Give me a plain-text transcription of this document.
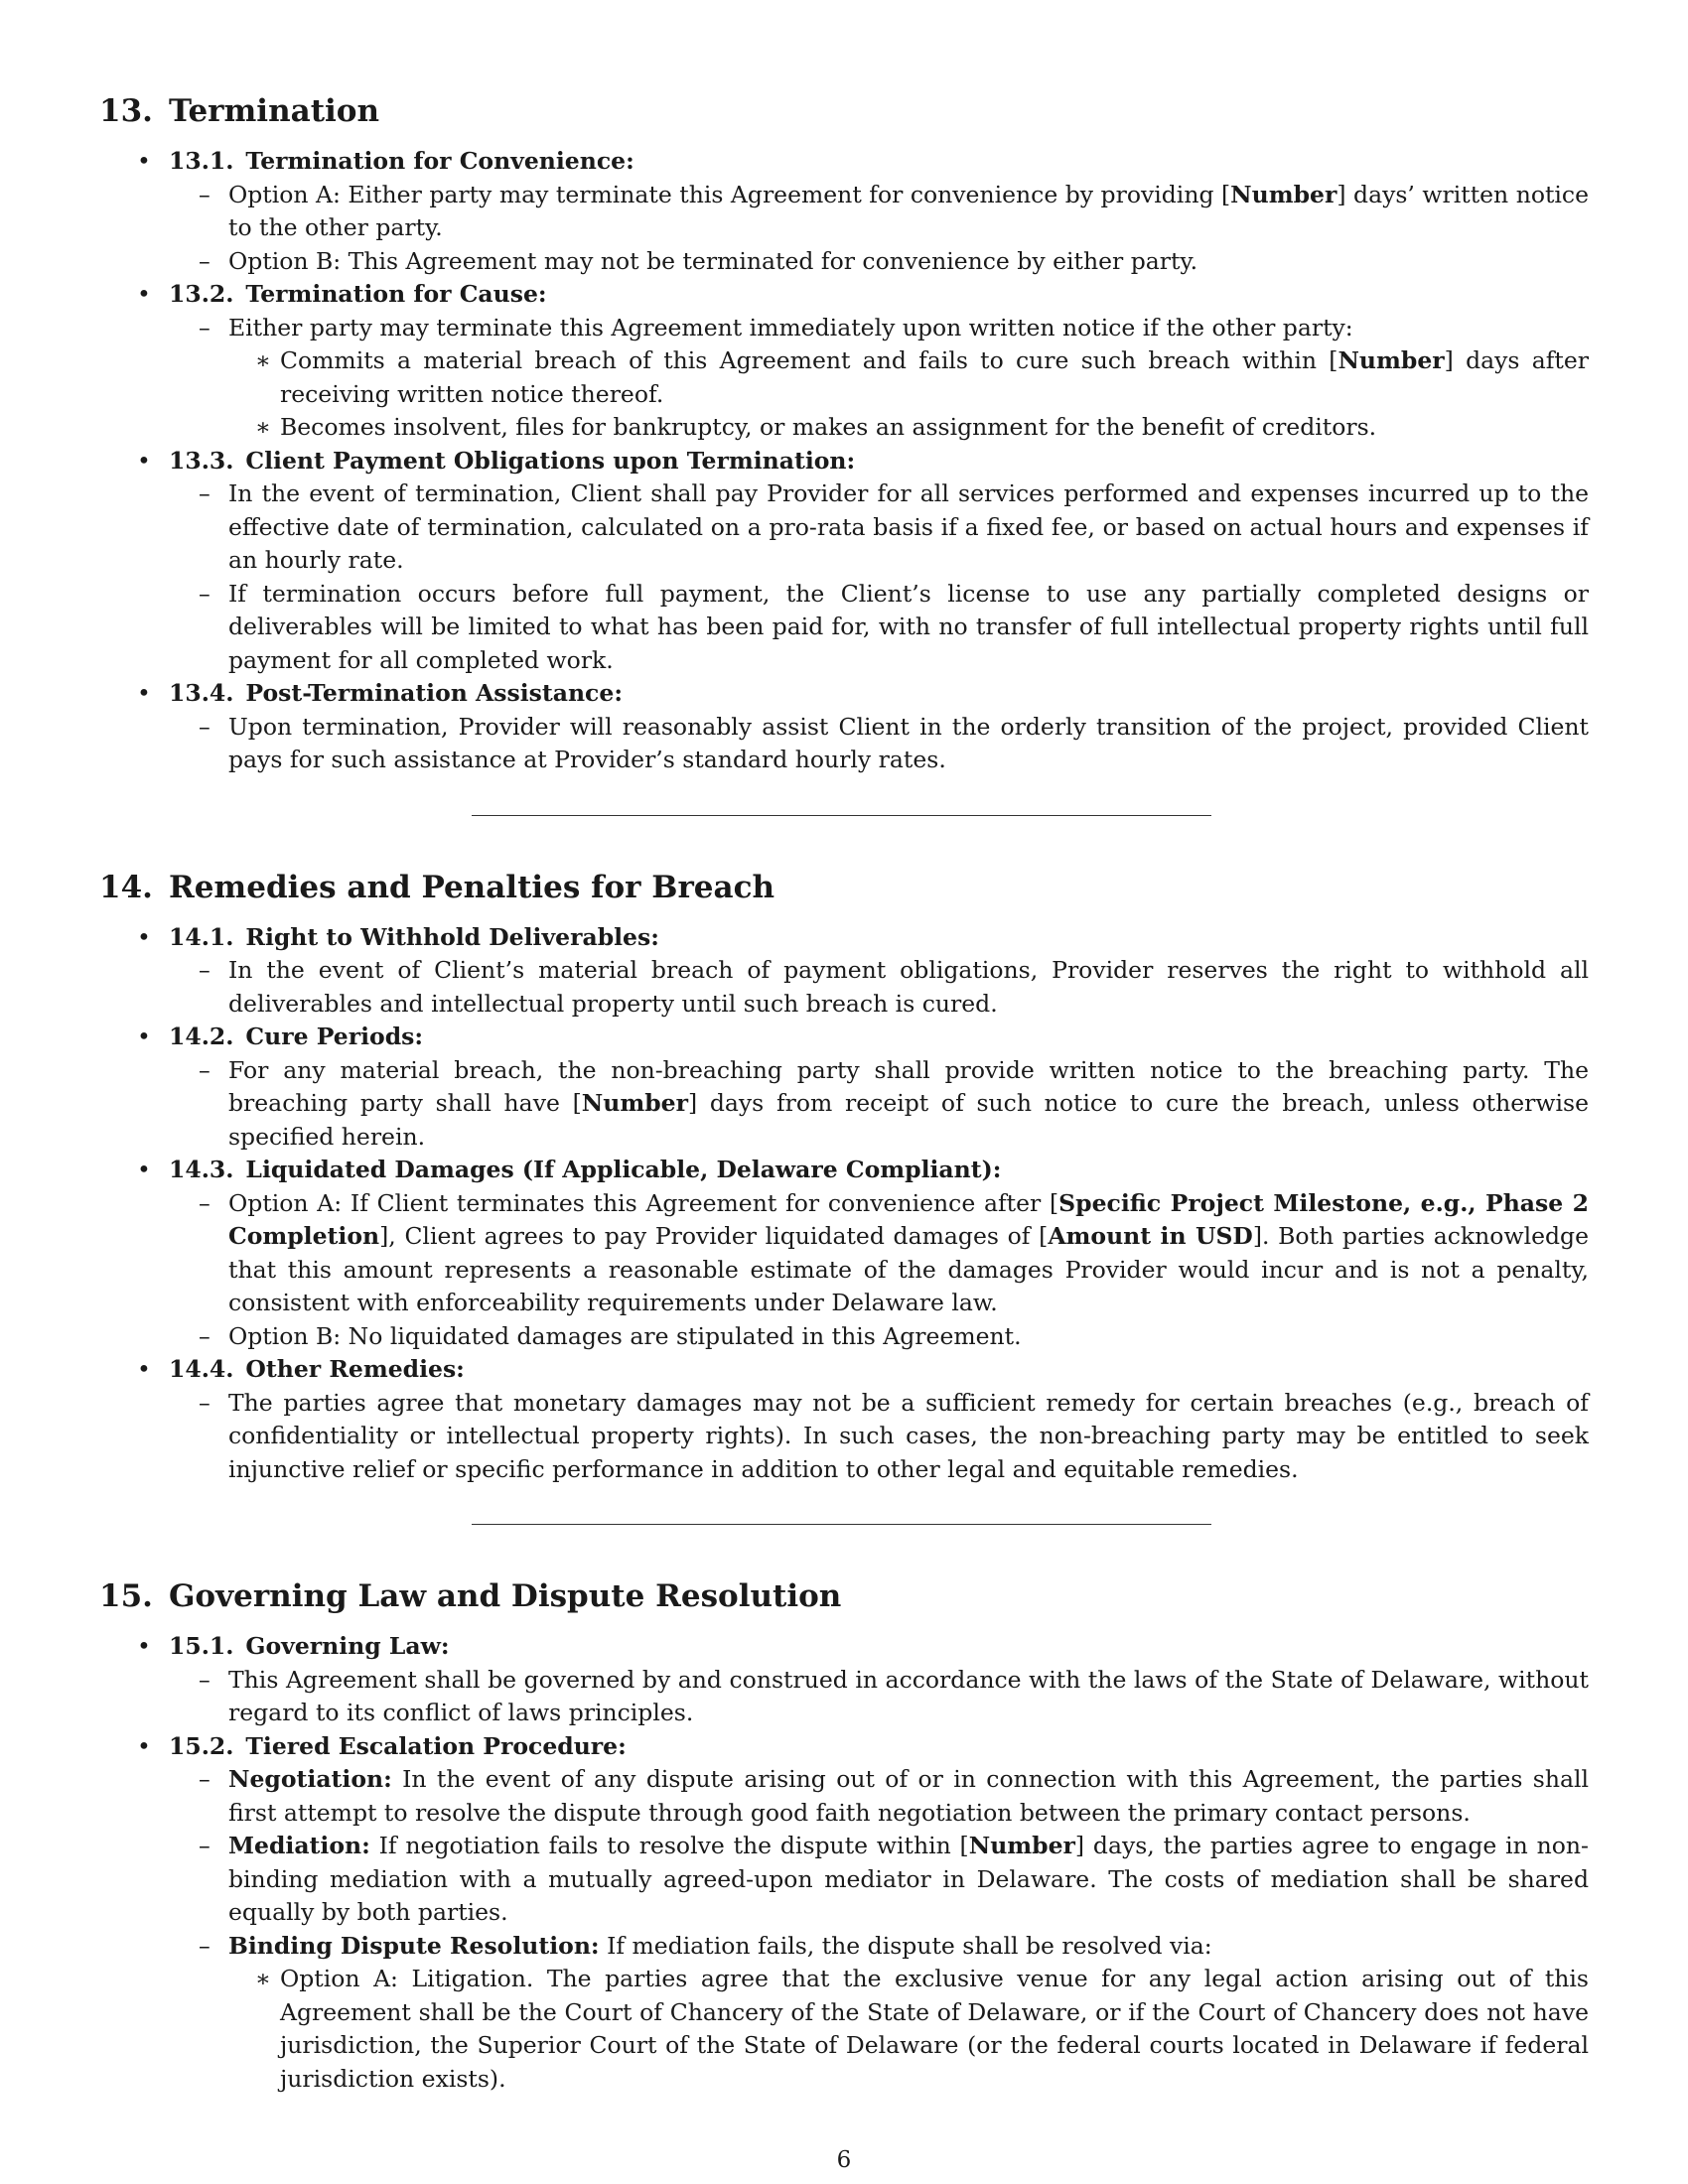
13. Termination
• 13.1. Termination for Convenience:
– Option A: Either party may terminate this Agreement for convenience by providing [Number] days’ written notice to the other party.
– Option B: This Agreement may not be terminated for convenience by either party.
• 13.2. Termination for Cause:
– Either party may terminate this Agreement immediately upon written notice if the other party:
∗ Commits a material breach of this Agreement and fails to cure such breach within [Number] days after receiving written notice thereof.
∗ Becomes insolvent, files for bankruptcy, or makes an assignment for the benefit of creditors.
• 13.3. Client Payment Obligations upon Termination:
– In the event of termination, Client shall pay Provider for all services performed and expenses incurred up to the effective date of termination, calculated on a pro-rata basis if a fixed fee, or based on actual hours and expenses if an hourly rate.
– If termination occurs before full payment, the Client’s license to use any partially completed designs or deliverables will be limited to what has been paid for, with no transfer of full intellectual property rights until full payment for all completed work.
• 13.4. Post-Termination Assistance:
– Upon termination, Provider will reasonably assist Client in the orderly transition of the project, provided Client pays for such assistance at Provider’s standard hourly rates.
14. Remedies and Penalties for Breach
• 14.1. Right to Withhold Deliverables:
– In the event of Client’s material breach of payment obligations, Provider reserves the right to withhold all deliverables and intellectual property until such breach is cured.
• 14.2. Cure Periods:
– For any material breach, the non-breaching party shall provide written notice to the breaching party. The breaching party shall have [Number] days from receipt of such notice to cure the breach, unless otherwise specified herein.
• 14.3. Liquidated Damages (If Applicable, Delaware Compliant):
– Option A: If Client terminates this Agreement for convenience after [Specific Project Milestone, e.g., Phase 2 Completion], Client agrees to pay Provider liquidated damages of [Amount in USD]. Both parties acknowledge that this amount represents a reasonable estimate of the damages Provider would incur and is not a penalty, consistent with enforceability requirements under Delaware law.
– Option B: No liquidated damages are stipulated in this Agreement.
• 14.4. Other Remedies:
– The parties agree that monetary damages may not be a sufficient remedy for certain breaches (e.g., breach of confidentiality or intellectual property rights). In such cases, the non-breaching party may be entitled to seek injunctive relief or specific performance in addition to other legal and equitable remedies.
15. Governing Law and Dispute Resolution
• 15.1. Governing Law:
– This Agreement shall be governed by and construed in accordance with the laws of the State of Delaware, without regard to its conflict of laws principles.
• 15.2. Tiered Escalation Procedure:
– Negotiation: In the event of any dispute arising out of or in connection with this Agreement, the parties shall first attempt to resolve the dispute through good faith negotiation between the primary contact persons.
– Mediation: If negotiation fails to resolve the dispute within [Number] days, the parties agree to engage in non-binding mediation with a mutually agreed-upon mediator in Delaware. The costs of mediation shall be shared equally by both parties.
– Binding Dispute Resolution: If mediation fails, the dispute shall be resolved via:
∗ Option A: Litigation. The parties agree that the exclusive venue for any legal action arising out of this Agreement shall be the Court of Chancery of the State of Delaware, or if the Court of Chancery does not have jurisdiction, the Superior Court of the State of Delaware (or the federal courts located in Delaware if federal jurisdiction exists).
6
